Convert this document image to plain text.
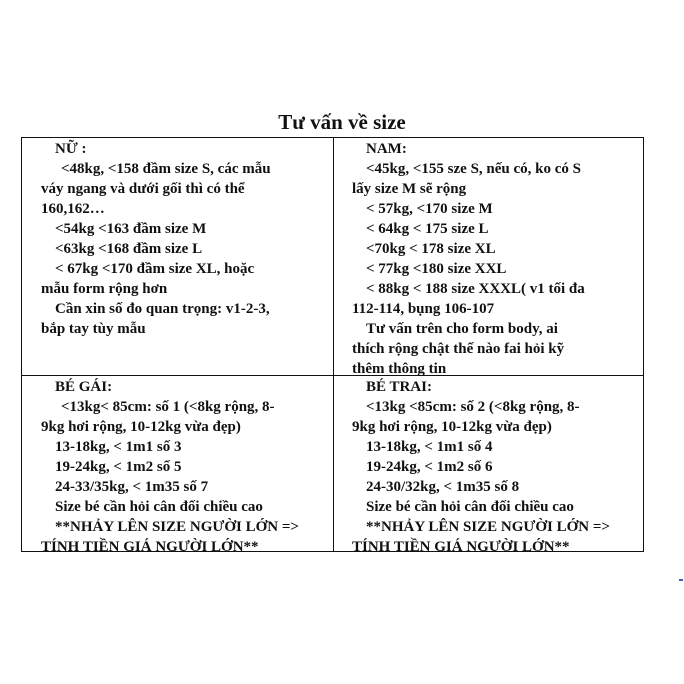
Tư vấn về size
NỮ :
<48kg, <158 đầm size S, các mẫu
váy ngang và dưới gối thì có thể
160,162…
<54kg <163 đầm size M
<63kg <168 đầm size L
< 67kg <170 đầm size XL, hoặc
mẫu form rộng hơn
Cần xin số đo quan trọng: v1-2-3,
bắp tay tùy mẫu
NAM:
<45kg, <155 sze S, nếu có, ko có S
lấy size M sẽ rộng
< 57kg, <170 size M
< 64kg < 175 size L
<70kg < 178 size XL
< 77kg <180 size XXL
< 88kg < 188 size XXXL( v1 tối đa
112-114, bụng 106-107
Tư vấn trên cho form body, ai
thích rộng chật thế nào fai hỏi kỹ
thêm thông tin
BÉ GÁI:
<13kg< 85cm: số 1 (<8kg rộng, 8-
9kg hơi rộng, 10-12kg vừa đẹp)
13-18kg, < 1m1 số 3
19-24kg, < 1m2 số 5
24-33/35kg, < 1m35 số 7
Size bé cần hỏi cân đối chiều cao
**NHẢY LÊN SIZE NGƯỜI LỚN =>
TÍNH TIỀN GIÁ NGƯỜI LỚN**
BÉ TRAI:
<13kg <85cm: số 2 (<8kg rộng, 8-
9kg hơi rộng, 10-12kg vừa đẹp)
13-18kg, < 1m1 số 4
19-24kg, < 1m2 số 6
24-30/32kg, < 1m35 số 8
Size bé cần hỏi cân đối chiều cao
**NHẢY LÊN SIZE NGƯỜI LỚN =>
TÍNH TIỀN GIÁ NGƯỜI LỚN**
